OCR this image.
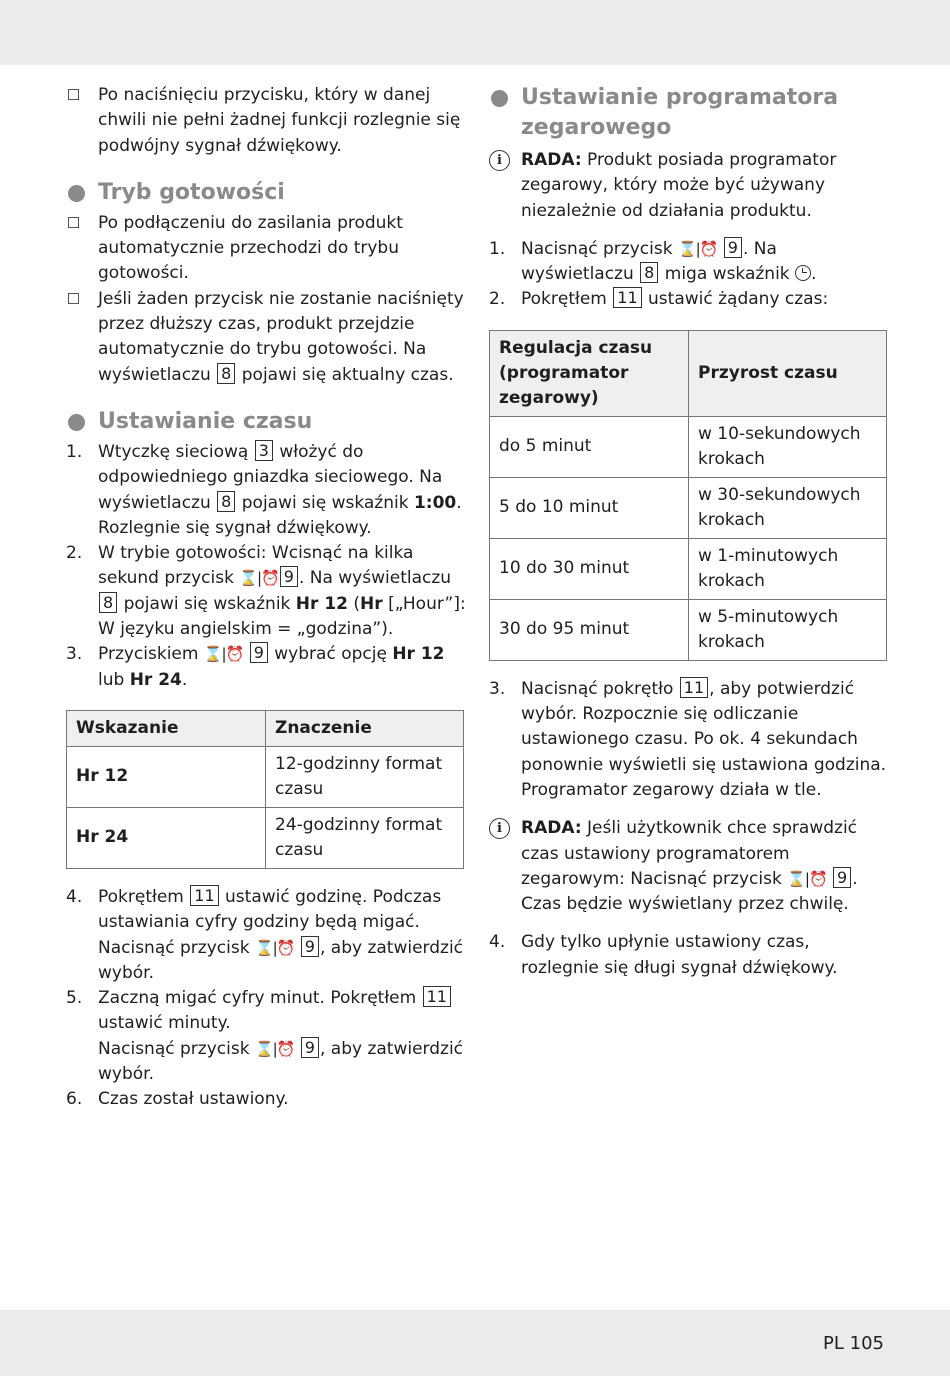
Po naciśnięciu przycisku, który w danej chwili nie pełni żadnej funkcji rozlegnie się podwójny sygnał dźwiękowy.

Tryb gotowości

Po podłączeniu do zasilania produkt automatycznie przechodzi do trybu gotowości.

Jeśli żaden przycisk nie zostanie naciśnięty przez dłuższy czas, produkt przejdzie automatycznie do trybu gotowości. Na wyświetlaczu 8 pojawi się aktualny czas.

Ustawianie czasu

1. Wtyczkę sieciową 3 włożyć do odpowiedniego gniazdka sieciowego. Na wyświetlaczu 8 pojawi się wskaźnik 1:00. Rozlegnie się sygnał dźwiękowy.

2. W trybie gotowości: Wcisnąć na kilka sekund przycisk ⌛|⏰ 9 . Na wyświetlaczu 8 pojawi się wskaźnik Hr 12 (Hr [„Hour”]: W języku angielskim = „godzina”).

3. Przyciskiem ⌛|⏰ 9 wybrać opcję Hr 12 lub Hr 24.

Wskazanie	Znaczenie
Hr 12	12-godzinny format czasu
Hr 24	24-godzinny format czasu

4. Pokrętłem 11 ustawić godzinę. Podczas ustawiania cyfry godziny będą migać. Nacisnąć przycisk ⌛|⏰ 9 , aby zatwierdzić wybór.

5. Zaczną migać cyfry minut. Pokrętłem 11 ustawić minuty.
Nacisnąć przycisk ⌛|⏰ 9 , aby zatwierdzić wybór.

6. Czas został ustawiony.

Ustawianie programatora zegarowego

i	RADA: Produkt posiada programator zegarowy, który może być używany niezależnie od działania produktu.

1. Nacisnąć przycisk ⌛|⏰ 9 . Na wyświetlaczu 8 miga wskaźnik .

2. Pokrętłem 11 ustawić żądany czas:

Regulacja czasu (programator zegarowy)	Przyrost czasu
do 5 minut	w 10-sekundowych krokach
5 do 10 minut	w 30-sekundowych krokach
10 do 30 minut	w 1-minutowych krokach
30 do 95 minut	w 5-minutowych krokach

3. Nacisnąć pokrętło 11 , aby potwierdzić wybór. Rozpocznie się odliczanie ustawionego czasu. Po ok. 4 sekundach ponownie wyświetli się ustawiona godzina. Programator zegarowy działa w tle.

i	RADA: Jeśli użytkownik chce sprawdzić czas ustawiony programatorem zegarowym: Nacisnąć przycisk ⌛|⏰ 9 . Czas będzie wyświetlany przez chwilę.

4. Gdy tylko upłynie ustawiony czas, rozlegnie się długi sygnał dźwiękowy.

PL 105
